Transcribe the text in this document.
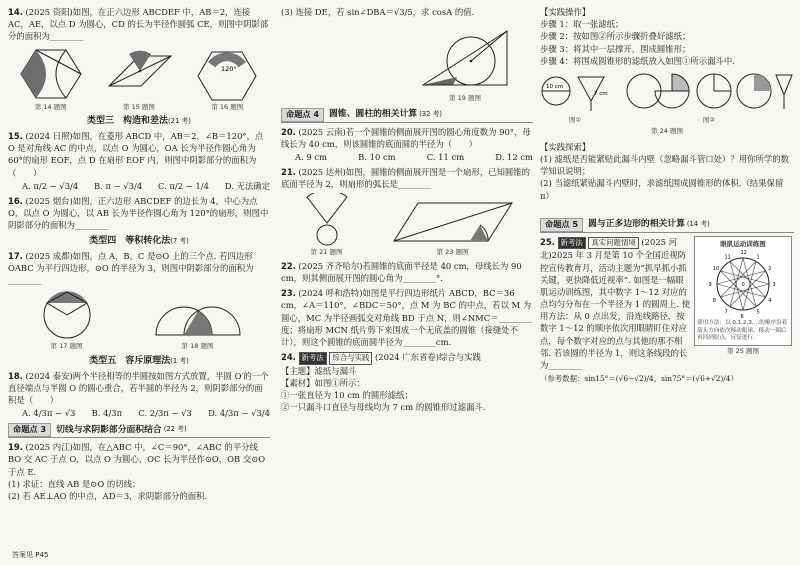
14. (2025 资阳)如图，在正六边形 ABCDEF 中，AB＝2，连接 AC，AE，以点 D 为圆心，CD 的长为半径作圆弧 CE，则图中阴影部分的面积为________
第 14 题图	第 15 题图
120°
第 16 题图
类型三　构造和差法(21 考)
15. (2024 日照)如图，在菱形 ABCD 中，AB＝2，∠B＝120°，点 O 是对角线 AC 的中点，以点 O 为圆心，OA 长为半径作圆心角为 60°的扇形 EOF，点 D 在扇形 EOF 内，则图中阴影部分的面积为（　　）
A. π/2 − √3/4 B. π − √3/4 C. π/2 − 1/4 D. 无法确定
16. (2025 烟台)如图，正六边形 ABCDEF 的边长为 4，中心为点 O，以点 O 为圆心，以 AB 长为半径作圆心角为 120°的扇形，则图中阴影部分的面积为________
类型四　等积转化法(7 考)
17. (2025 成都)如图，点 A，B，C 是⊙O 上的三个点. 若四边形 OABC 为平行四边形，⊙O 的半径为 3，则图中阴影部分的面积为________
第 17 题图	第 18 题图
类型五　容斥原理法(1 考)
18. (2024 泰安)两个半径相等的半圆按如图方式放置，半圆 O′的一个直径端点与半圆 O 的圆心重合，若半圆的半径为 2，则阴影部分的面积是（　　）
A. 4/3π − √3 B. 4/3π C. 2/3π − √3 D. 4/3π − √3/4
命题点 3	切线与求阴影部分面积结合 (22 考)
19. (2025 内江)如图，在△ABC 中，∠C＝90°，∠ABC 的平分线 BO 交 AC 于点 O，以点 O 为圆心，OC 长为半径作⊙O，OB 交⊙O 于点 E.
(1) 求证：直线 AB 是⊙O 的切线；
(2) 若 AE⊥AO 的中点，AD＝3，求阴影部分的面积.
(3) 连接 DE，若 sin∠DBA＝√3/5，求 cosA 的值.
第 19 题图
命题点 4	圆锥、圆柱的相关计算 (32 考)
20. (2025 云南)若一个圆锥的侧面展开图的圆心角度数为 90°，母线长为 40 cm，则该圆锥的底面圆的半径为（　　）
A. 9 cm	B. 10 cm	C. 11 cm	D. 12 cm
21. (2025 达州)如图，圆锥的侧面展开图是一个扇形，已知圆锥的底面半径为 2，则扇形的弧长是________
第 21 题图	第 23 题图
22. (2025 齐齐哈尔)若圆锥的底面半径是 40 cm，母线长为 90 cm，则其侧面展开图的圆心角为________°.
23. (2024 呼和浩特)如图是平行四边形纸片 ABCD，BC＝36 cm，∠A＝110°，∠BDC＝50°，点 M 为 BC 的中点，若以 M 为圆心，MC 为半径画弧交对角线 BD 于点 N，则∠NMC＝________度；将扇形 MCN 纸片剪下来围成一个无底盖的圆锥（接缝处不计），则这个圆锥的底面圆半径为________cm.
24. 新考法 综合与实践 (2024 广东省卷)综合与实践
【主题】滤纸与漏斗
【素材】如图①所示：
①一张直径为 10 cm 的圆形滤纸；
②一只漏斗口直径与母线均为 7 cm 的圆锥形过滤漏斗.
【实践操作】
步骤 1：取一张滤纸；
步骤 2：按如图②所示步骤折叠好滤纸；
步骤 3：将其中一层撑开，围成圆锥形；
步骤 4：将围成圆锥形的滤纸放入如图①所示漏斗中.
10 cm
7 cm
图①	图②
第 24 题图
【实践探索】
(1) 滤纸是否能紧贴此漏斗内壁（忽略漏斗管口处）？用你所学的数学知识说明；
(2) 当滤纸紧贴漏斗内壁时，求滤纸围成圆锥形的体积.（结果保留 π）
命题点 5	圆与正多边形的相关计算 (14 考)
25. 新考法 真实问题情境 (2025 河北)2025 年 3 月是第 10 个全国近视防控宣传教育月，活动主题为“抓早抓小抓关键，更快降低近视率”. 如图是一幅眼肌运动训练图，其中数字 1～12 对应的点均匀分布在一个半径为 1 的圆周上. 使用方法：从 0 点出发，沿连线路径，按数字 1～12 的顺序依次用眼睛盯住对应点，每个数字对应的点与其他的那不相邻. 若该圆的半径为 1，则这条线段的长为________
眼肌运动训练图
12
1
2
3
4
5
6
7
8
9
10
11
0
使用方法：以 0,1,2,3,…的顺序沿着箭头方向依次移动眼球，移动一圈后再回到原点，反复进行.
第 25 题图
（参考数据：sin15°＝(√6−√2)/4，sin75°＝(√6+√2)/4）
答案见 P45
